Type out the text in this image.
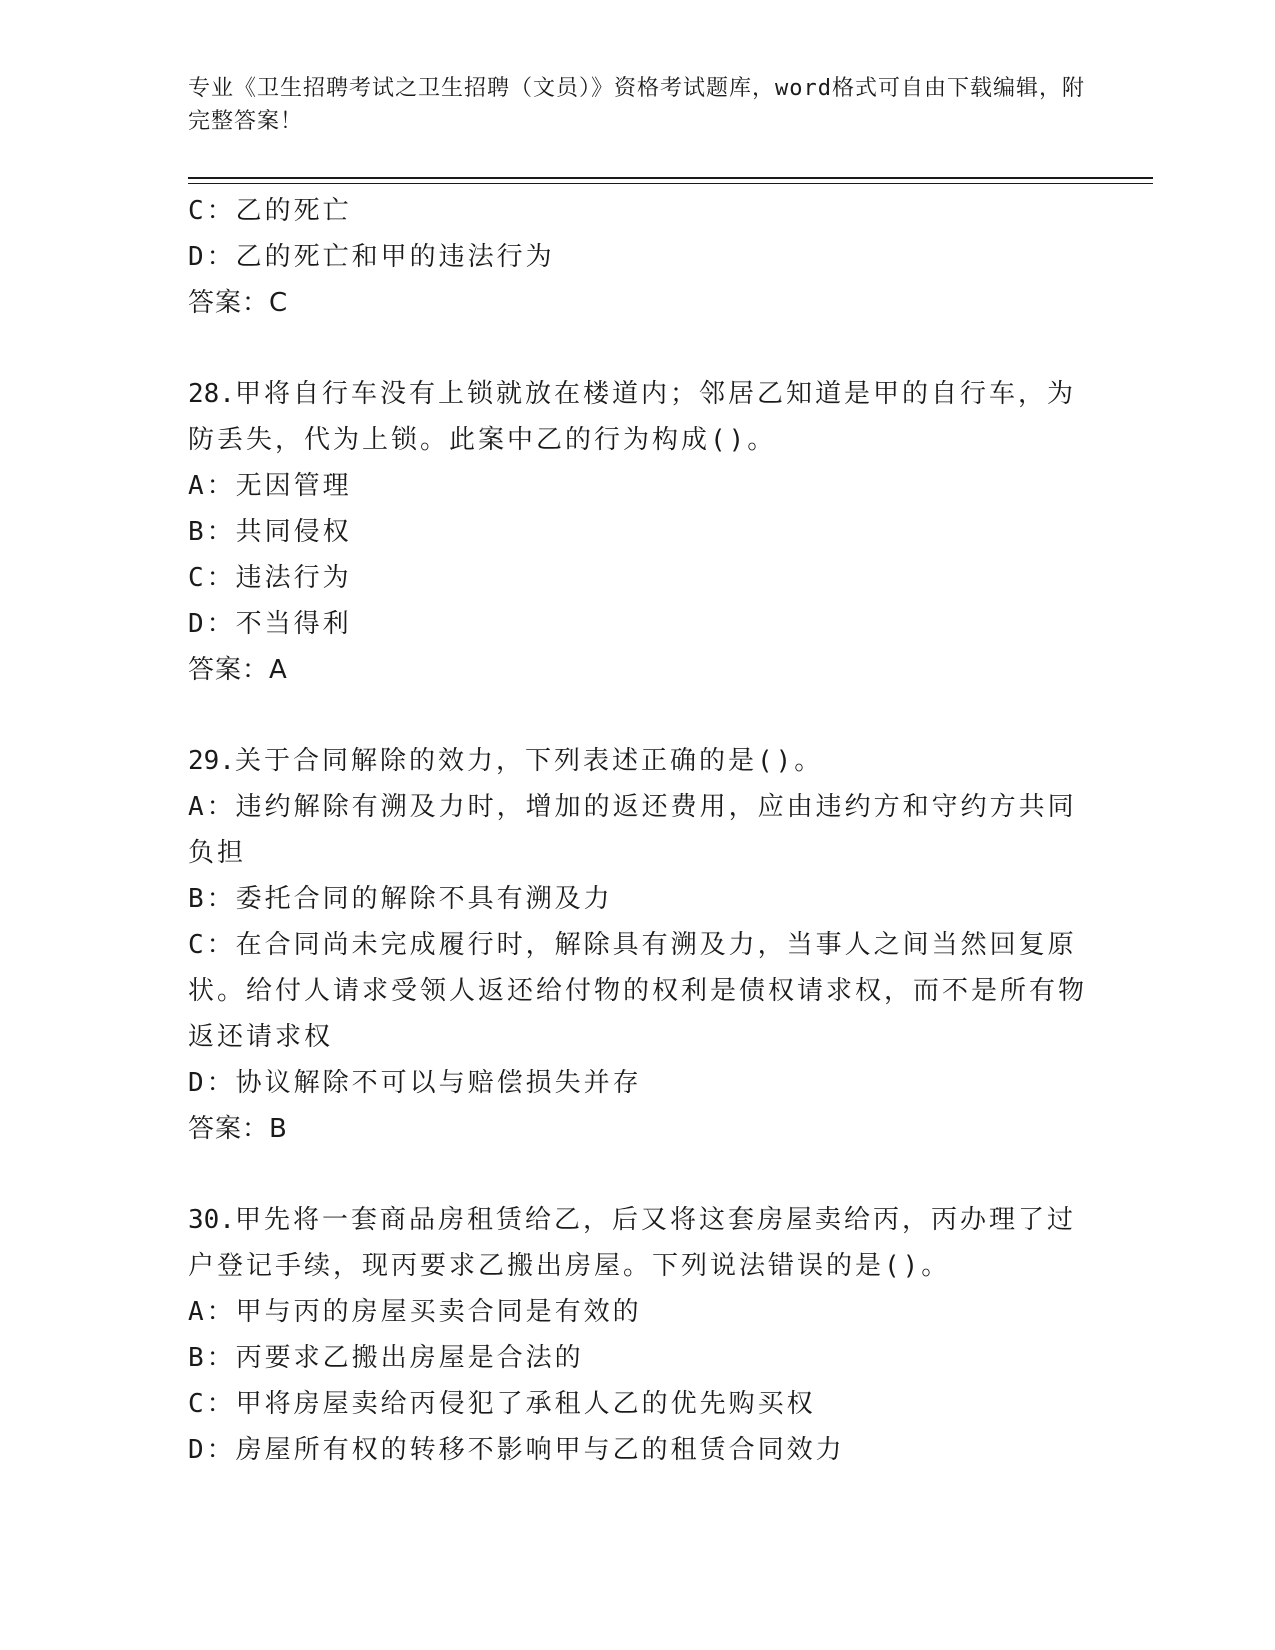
专业《卫生招聘考试之卫生招聘（文员）》资格考试题库，word格式可自由下载编辑，附完整答案！
C：乙的死亡
D：乙的死亡和甲的违法行为
答案：C
28.甲将自行车没有上锁就放在楼道内；邻居乙知道是甲的自行车，为防丢失，代为上锁。此案中乙的行为构成()。
A：无因管理
B：共同侵权
C：违法行为
D：不当得利
答案：A
29.关于合同解除的效力，下列表述正确的是()。
A：违约解除有溯及力时，增加的返还费用，应由违约方和守约方共同负担
B：委托合同的解除不具有溯及力
C：在合同尚未完成履行时，解除具有溯及力，当事人之间当然回复原状。给付人请求受领人返还给付物的权利是债权请求权，而不是所有物返还请求权
D：协议解除不可以与赔偿损失并存
答案：B
30.甲先将一套商品房租赁给乙，后又将这套房屋卖给丙，丙办理了过户登记手续，现丙要求乙搬出房屋。下列说法错误的是()。
A：甲与丙的房屋买卖合同是有效的
B：丙要求乙搬出房屋是合法的
C：甲将房屋卖给丙侵犯了承租人乙的优先购买权
D：房屋所有权的转移不影响甲与乙的租赁合同效力
